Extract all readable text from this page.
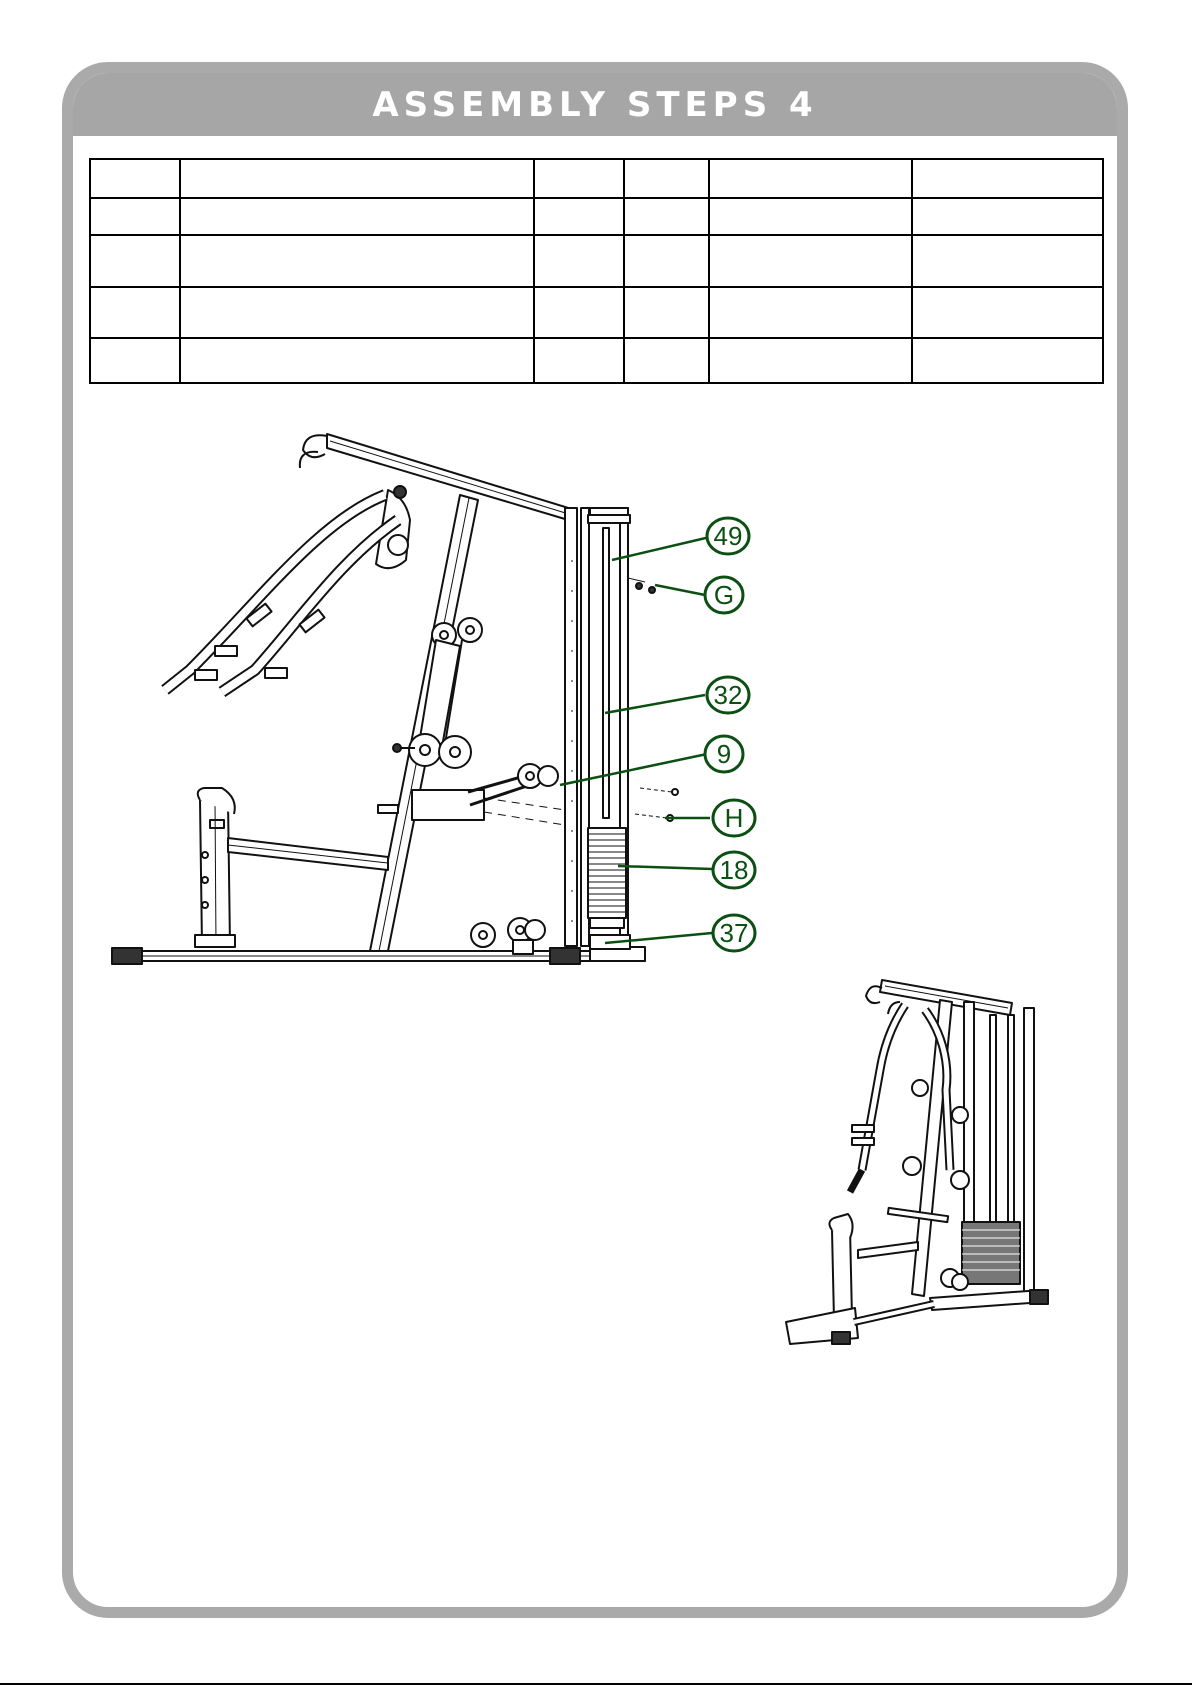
ASSEMBLY STEPS 4

49
G
32
9
H
18
37
